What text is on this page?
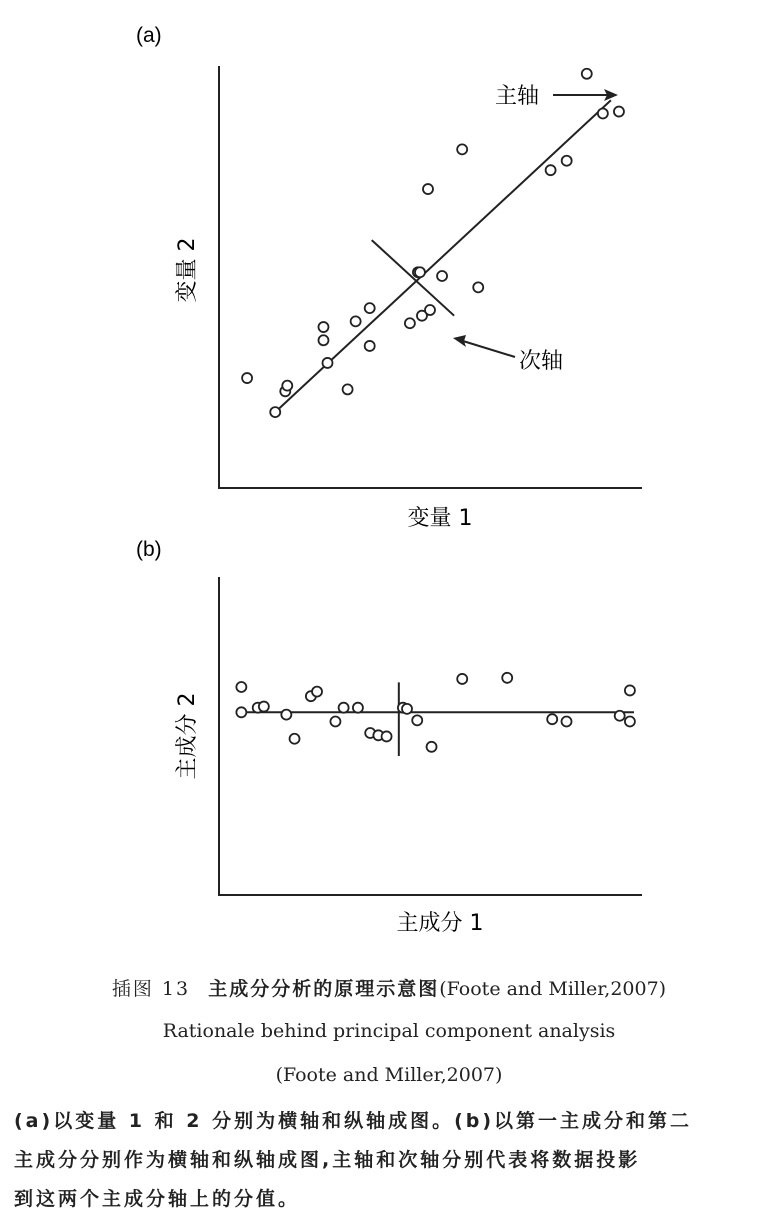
(a)
变量 1
变量 2
主轴
次轴
(b)
主成分 1
主成分 2
插图 13 主成分分析的原理示意图(Foote and Miller,2007)
Rationale behind principal component analysis
(Foote and Miller,2007)
(a)以变量 1 和 2 分别为横轴和纵轴成图。(b)以第一主成分和第二
主成分分别作为横轴和纵轴成图,主轴和次轴分别代表将数据投影
到这两个主成分轴上的分值。
